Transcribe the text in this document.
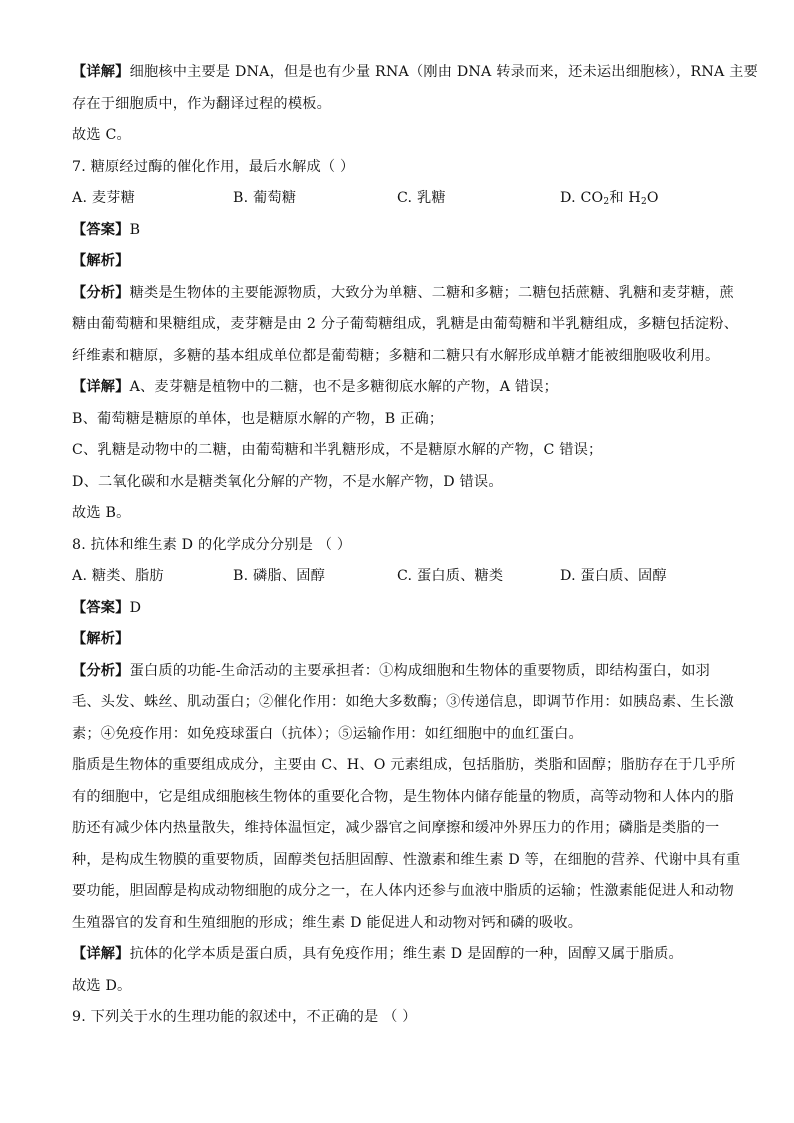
【详解】细胞核中主要是 DNA，但是也有少量 RNA（刚由 DNA 转录而来，还未运出细胞核），RNA 主要
存在于细胞质中，作为翻译过程的模板。
故选 C。
7. 糖原经过酶的催化作用，最后水解成（ ）
A. 麦芽糖	B. 葡萄糖	C. 乳糖	D. $CO_2$和 $H_2O$
【答案】B
【解析】
【分析】糖类是生物体的主要能源物质，大致分为单糖、二糖和多糖；二糖包括蔗糖、乳糖和麦芽糖，蔗
糖由葡萄糖和果糖组成，麦芽糖是由 2 分子葡萄糖组成，乳糖是由葡萄糖和半乳糖组成，多糖包括淀粉、
纤维素和糖原，多糖的基本组成单位都是葡萄糖；多糖和二糖只有水解形成单糖才能被细胞吸收利用。
【详解】A、麦芽糖是植物中的二糖，也不是多糖彻底水解的产物，A 错误；
B、葡萄糖是糖原的单体，也是糖原水解的产物，B 正确；
C、乳糖是动物中的二糖，由葡萄糖和半乳糖形成，不是糖原水解的产物，C 错误；
D、二氧化碳和水是糖类氧化分解的产物，不是水解产物，D 错误。
故选 B。
8. 抗体和维生素 D 的化学成分分别是 （ ）
A. 糖类、脂肪	B. 磷脂、固醇	C. 蛋白质、糖类	D. 蛋白质、固醇
【答案】D
【解析】
【分析】蛋白质的功能-生命活动的主要承担者：①构成细胞和生物体的重要物质，即结构蛋白，如羽
毛、头发、蛛丝、肌动蛋白；②催化作用：如绝大多数酶；③传递信息，即调节作用：如胰岛素、生长激
素；④免疫作用：如免疫球蛋白（抗体）；⑤运输作用：如红细胞中的血红蛋白。
脂质是生物体的重要组成成分，主要由 C、H、O 元素组成，包括脂肪，类脂和固醇；脂肪存在于几乎所
有的细胞中，它是组成细胞核生物体的重要化合物，是生物体内储存能量的物质，高等动物和人体内的脂
肪还有减少体内热量散失，维持体温恒定，减少器官之间摩擦和缓冲外界压力的作用；磷脂是类脂的一
种，是构成生物膜的重要物质，固醇类包括胆固醇、性激素和维生素 D 等，在细胞的营养、代谢中具有重
要功能，胆固醇是构成动物细胞的成分之一，在人体内还参与血液中脂质的运输；性激素能促进人和动物
生殖器官的发育和生殖细胞的形成；维生素 D 能促进人和动物对钙和磷的吸收。
【详解】抗体的化学本质是蛋白质，具有免疫作用；维生素 D 是固醇的一种，固醇又属于脂质。
故选 D。
9. 下列关于水的生理功能的叙述中，不正确的是 （ ）
